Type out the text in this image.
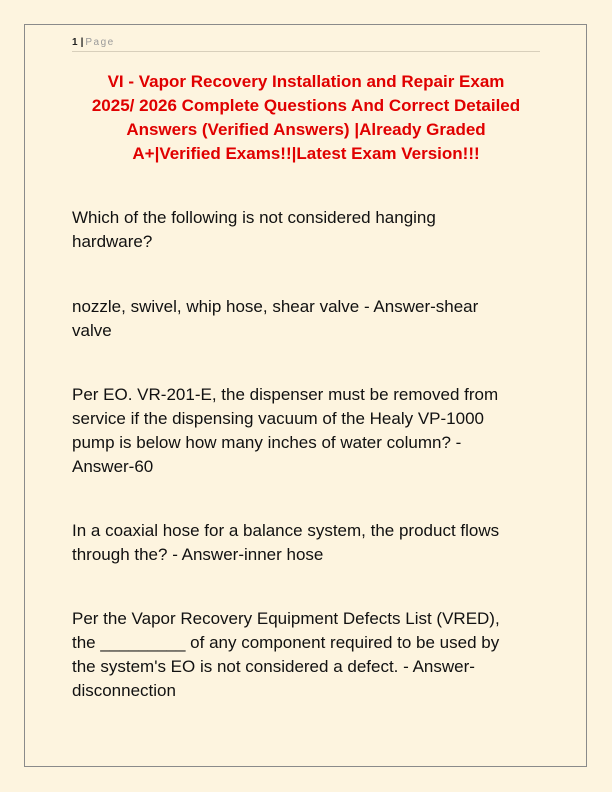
1 | Page
VI - Vapor Recovery Installation and Repair Exam
2025/ 2026 Complete Questions And Correct Detailed
Answers (Verified Answers) |Already Graded
A+|Verified Exams!!|Latest Exam Version!!!
Which of the following is not considered hanging
hardware?
nozzle, swivel, whip hose, shear valve - Answer-shear
valve
Per EO. VR-201-E, the dispenser must be removed from
service if the dispensing vacuum of the Healy VP-1000
pump is below how many inches of water column? -
Answer-60
In a coaxial hose for a balance system, the product flows
through the? - Answer-inner hose
Per the Vapor Recovery Equipment Defects List (VRED),
the _________ of any component required to be used by
the system's EO is not considered a defect. - Answer-
disconnection
